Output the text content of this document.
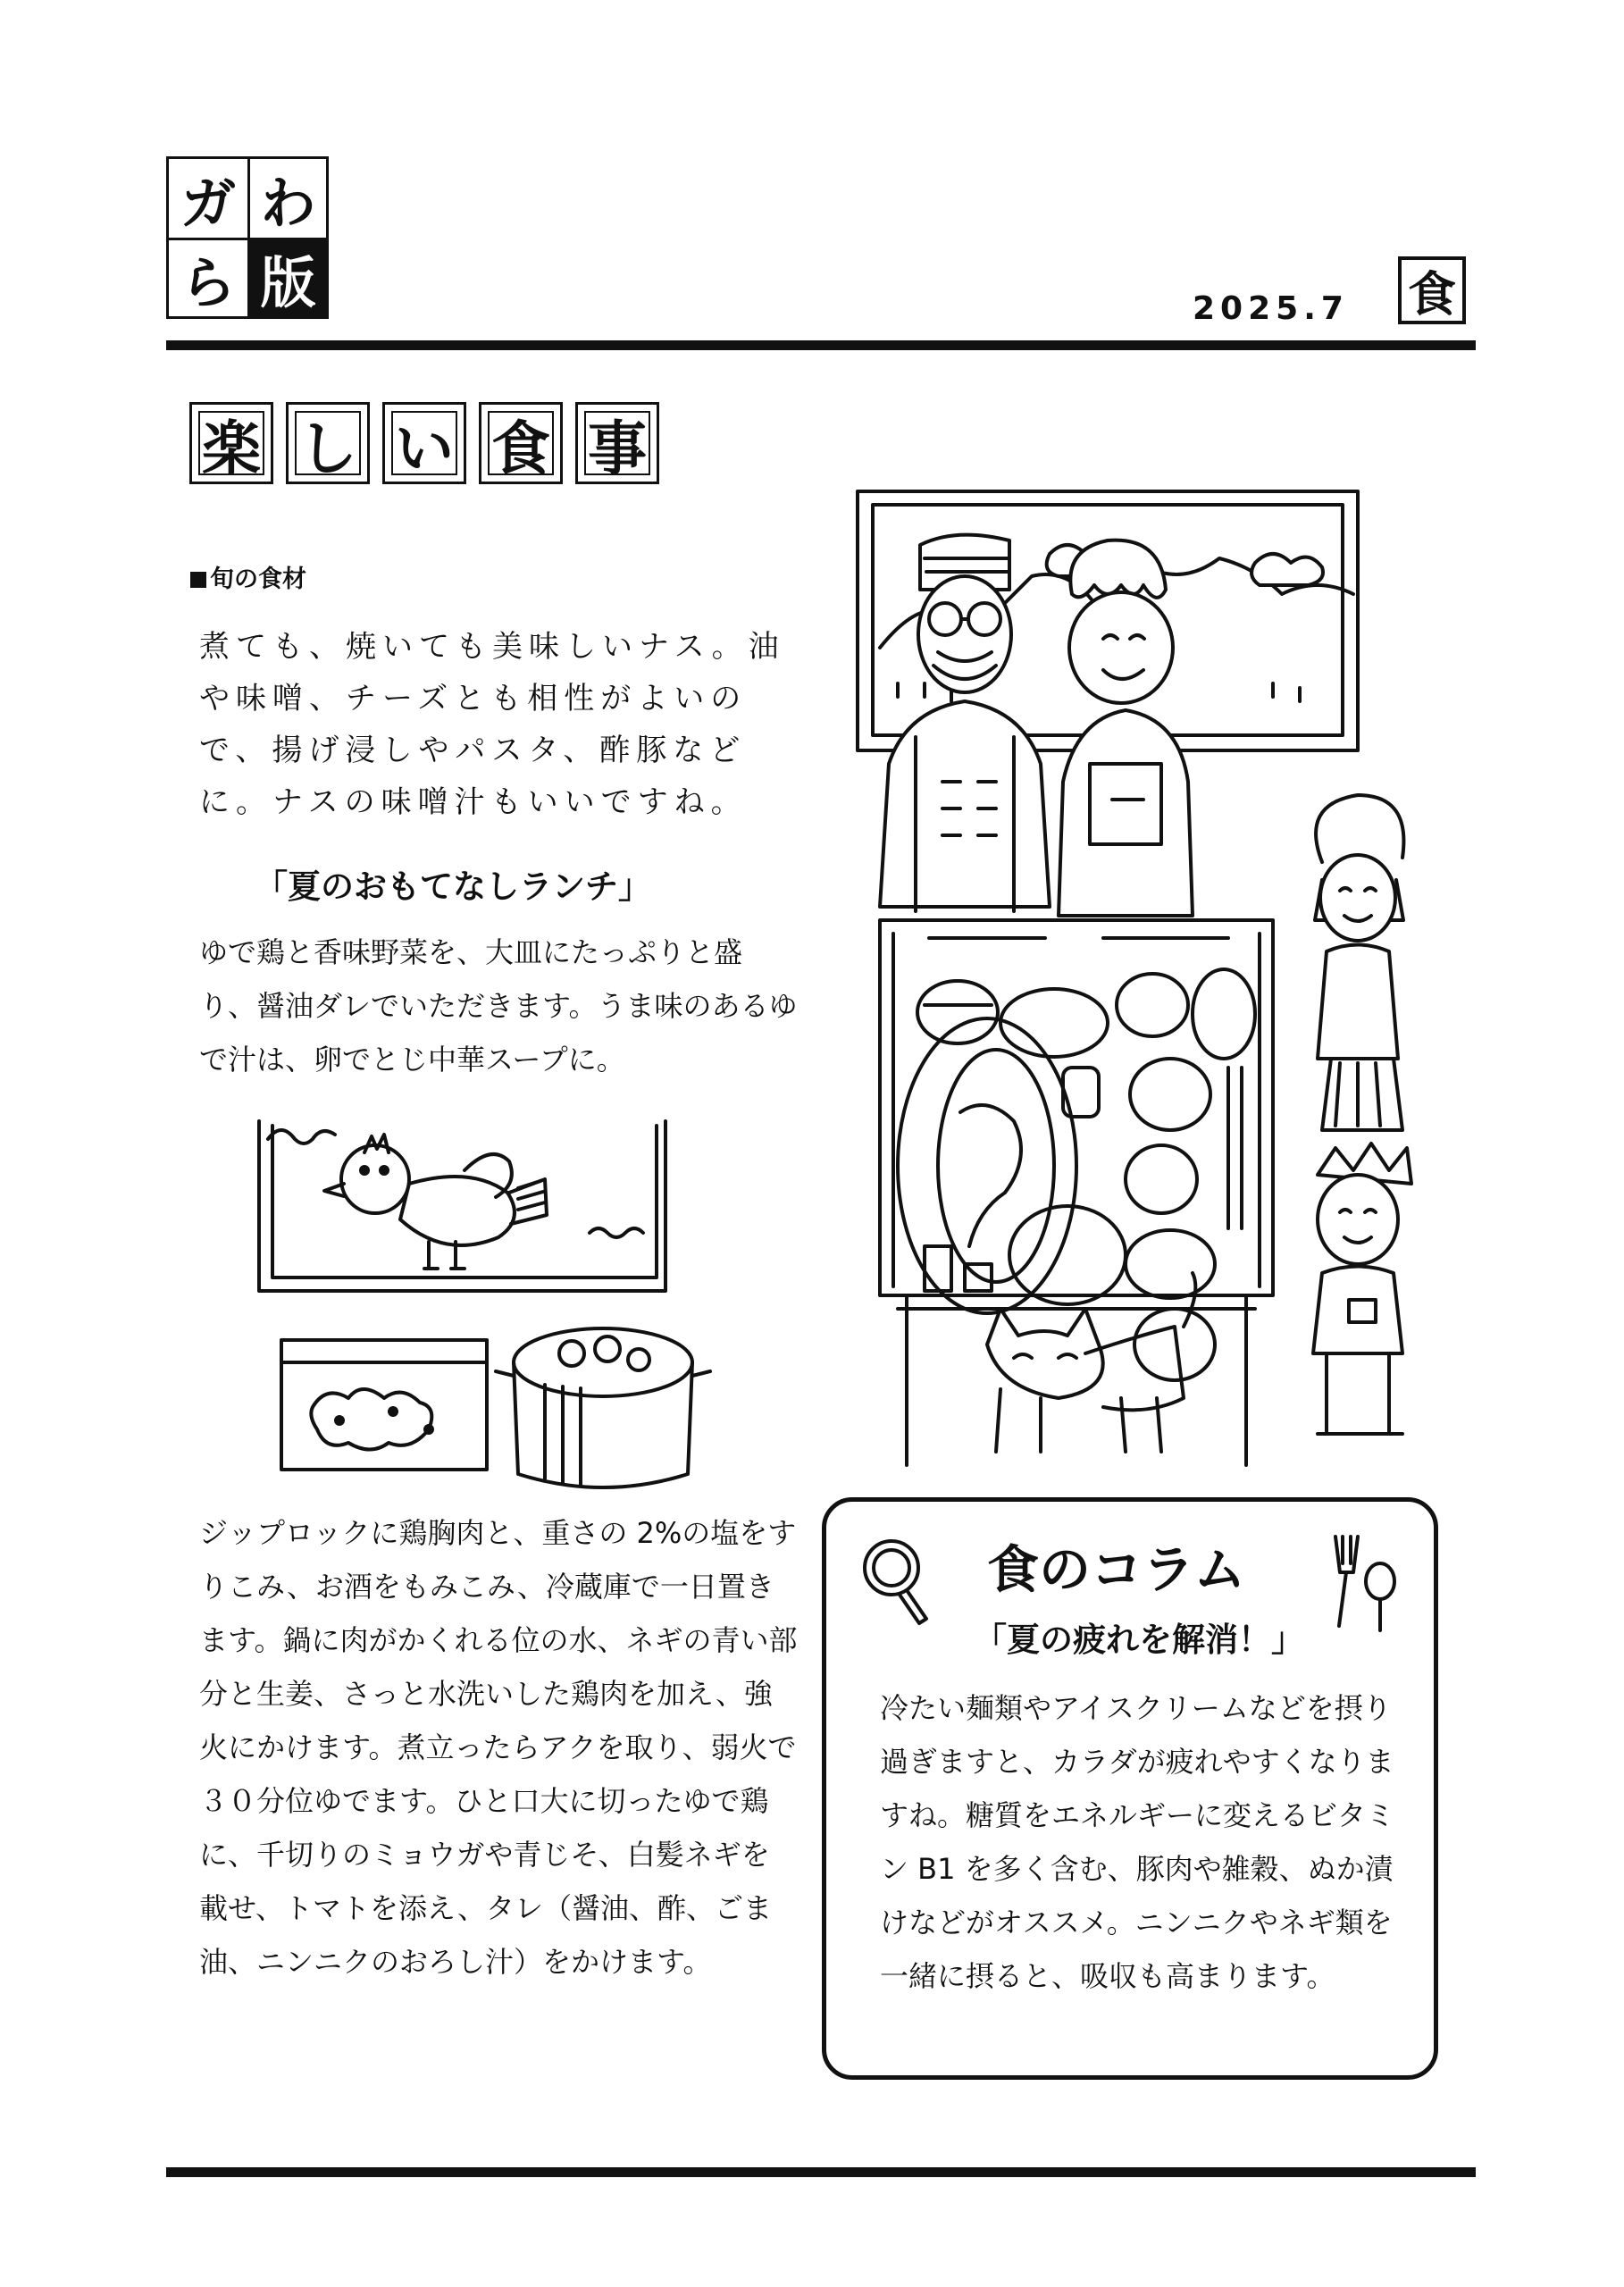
ガ わ
ら 版	2025.7 食
楽 し い 食 事
旬の食材
煮ても、焼いても美味しいナス。油や味噌、チーズとも相性がよいので、揚げ浸しやパスタ、酢豚などに。ナスの味噌汁もいいですね。
「夏のおもてなしランチ」
ゆで鶏と香味野菜を、大皿にたっぷりと盛り、醤油ダレでいただきます。うま味のあるゆで汁は、卵でとじ中華スープに。
ジップロックに鶏胸肉と、重さの 2%の塩をすりこみ、お酒をもみこみ、冷蔵庫で一日置きます。鍋に肉がかくれる位の水、ネギの青い部分と生姜、さっと水洗いした鶏肉を加え、強火にかけます。煮立ったらアクを取り、弱火で３０分位ゆでます。ひと口大に切ったゆで鶏に、千切りのミョウガや青じそ、白髪ネギを載せ、トマトを添え、タレ（醤油、酢、ごま油、ニンニクのおろし汁）をかけます。
食のコラム
「夏の疲れを解消！」
冷たい麺類やアイスクリームなどを摂り過ぎますと、カラダが疲れやすくなりますね。糖質をエネルギーに変えるビタミン B1 を多く含む、豚肉や雑穀、ぬか漬けなどがオススメ。ニンニクやネギ類を一緒に摂ると、吸収も高まります。
